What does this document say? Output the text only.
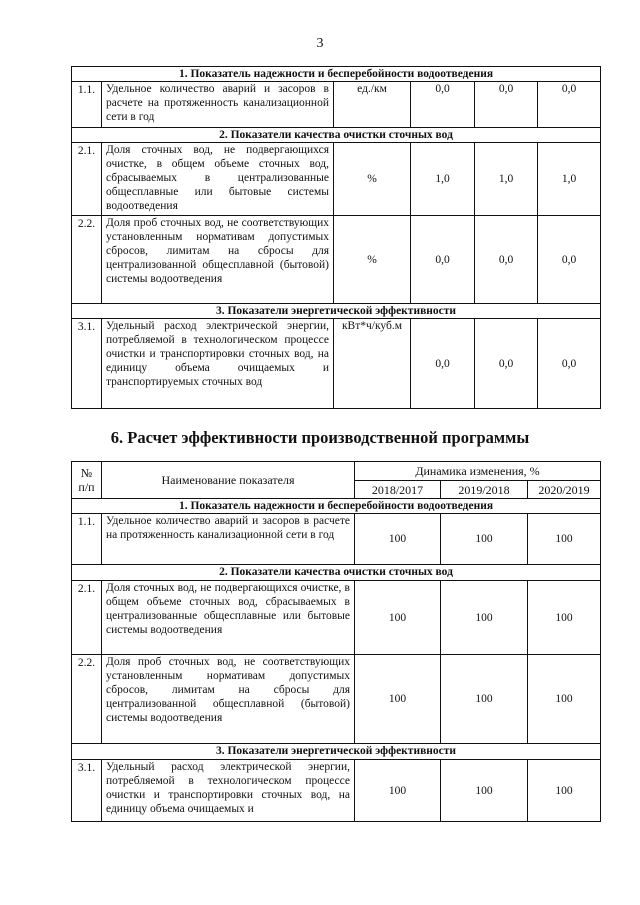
3
1. Показатель надежности и бесперебойности водоотведения					
1.1.	Удельное количество аварий и засоров в расчете на протяженность канализационной сети в год	ед./км	0,0	0,0	0,0
2. Показатели качества очистки сточных вод					
2.1.	Доля сточных вод, не подвергающихся очистке, в общем объеме сточных вод, сбрасываемых в централизованные общесплавные или бытовые системы водоотведения	%	1,0	1,0	1,0
2.2.	Доля проб сточных вод, не соответствующих установленным нормативам допустимых сбросов, лимитам на сбросы для централизованной общесплавной (бытовой) системы водоотведения	%	0,0	0,0	0,0
3. Показатели энергетической эффективности					
3.1.	Удельный расход электрической энергии, потребляемой в технологическом процессе очистки и транспортировки сточных вод, на единицу объема очищаемых и транспортируемых сточных вод	кВт*ч/куб.м	0,0	0,0	0,0
6. Расчет эффективности производственной программы
№ п/п	Наименование показателя	Динамика изменения, %		
		2018/2017	2019/2018	2020/2019
1. Показатель надежности и бесперебойности водоотведения				
1.1.	Удельное количество аварий и засоров в расчете на протяженность канализационной сети в год	100	100	100
2. Показатели качества очистки сточных вод				
2.1.	Доля сточных вод, не подвергающихся очистке, в общем объеме сточных вод, сбрасываемых в централизованные общесплавные или бытовые системы водоотведения	100	100	100
2.2.	Доля проб сточных вод, не соответствующих установленным нормативам допустимых сбросов, лимитам на сбросы для централизованной общесплавной (бытовой) системы водоотведения	100	100	100
3. Показатели энергетической эффективности				
3.1.	Удельный расход электрической энергии, потребляемой в технологическом процессе очистки и транспортировки сточных вод, на единицу объема очищаемых и	100	100	100
